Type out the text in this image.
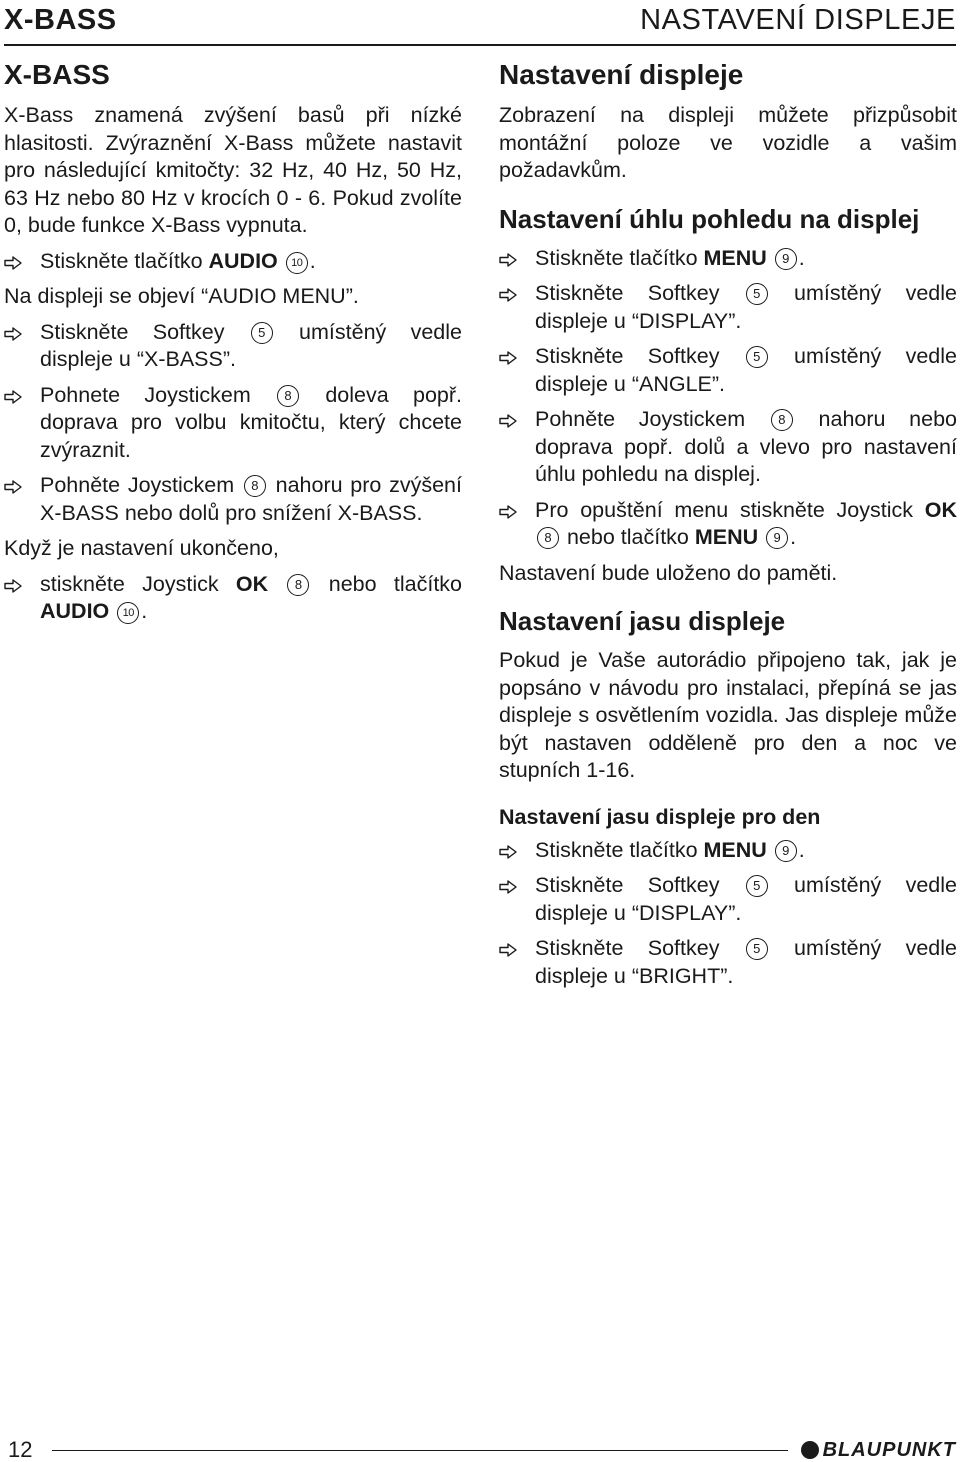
X-BASS	NASTAVENÍ DISPLEJE
X-BASS

X-Bass znamená zvýšení basů při nízké hlasitosti. Zvýraznění X-Bass můžete nastavit pro následující kmitočty: 32 Hz, 40 Hz, 50 Hz, 63 Hz nebo 80 Hz v krocích 0 - 6. Pokud zvolíte 0, bude funkce X-Bass vypnuta.

Stiskněte tlačítko AUDIO 10 .

Na displeji se objeví “AUDIO MENU”.

Stiskněte Softkey 5 umístěný vedle displeje u “X-BASS”.
Pohnete Joystickem 8 doleva popř. doprava pro volbu kmitočtu, který chcete zvýraznit.
Pohněte Joystickem 8 nahoru pro zvýšení X-BASS nebo dolů pro snížení X-BASS.

Když je nastavení ukončeno,

stiskněte Joystick OK 8 nebo tlačítko AUDIO 10 .
Nastavení displeje

Zobrazení na displeji můžete přizpůsobit montážní poloze ve vozidle a vašim požadavkům.

Nastavení úhlu pohledu na displej
Stiskněte tlačítko MENU 9 .
Stiskněte Softkey 5 umístěný vedle displeje u “DISPLAY”.
Stiskněte Softkey 5 umístěný vedle displeje u “ANGLE”.
Pohněte Joystickem 8 nahoru nebo doprava popř. dolů a vlevo pro nastavení úhlu pohledu na displej.
Pro opuštění menu stiskněte Joystick OK 8 nebo tlačítko MENU 9 .

Nastavení bude uloženo do paměti.

Nastavení jasu displeje

Pokud je Vaše autorádio připojeno tak, jak je popsáno v návodu pro instalaci, přepíná se jas displeje s osvětlením vozidla. Jas displeje může být nastaven odděleně pro den a noc ve stupních 1-16.

Nastavení jasu displeje pro den
Stiskněte tlačítko MENU 9 .
Stiskněte Softkey 5 umístěný vedle displeje u “DISPLAY”.
Stiskněte Softkey 5 umístěný vedle displeje u “BRIGHT”.
12	BLAUPUNKT
